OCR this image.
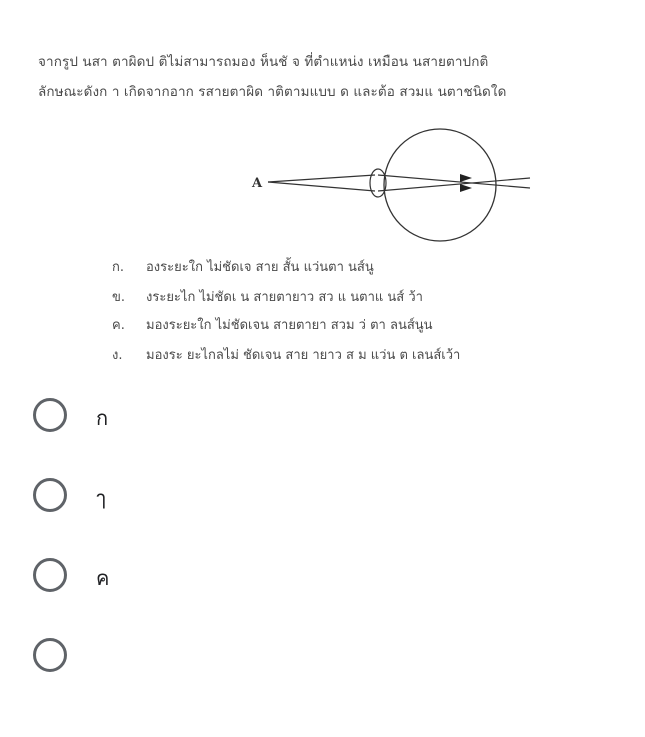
จากรูป นสา ตาผิดป ติไม่สามารถมอง ห็นชั จ ที่ตำแหน่ง เหมือน นสายตาปกติ
ลักษณะดังก า เกิดจากอาก รสายตาผิด าติตามแบบ ด และต้อ สวมแ นตาชนิดใด
A
ก.	องระยะใก ไม่ชัดเจ สาย สั้น แว่นตา นส์นู
ข.	งระยะไก ไม่ชัดเ น สายตายาว สว แ นตาแ นส์ ว้า
ค.	มองระยะใก ไม่ชัดเจน สายตายา สวม ว่ ตา ลนส์นูน
ง.	มองระ ยะไกลไม่ ชัดเจน สาย ายาว ส ม แว่น ต เลนส์เว้า
ก
ๅ
ค
